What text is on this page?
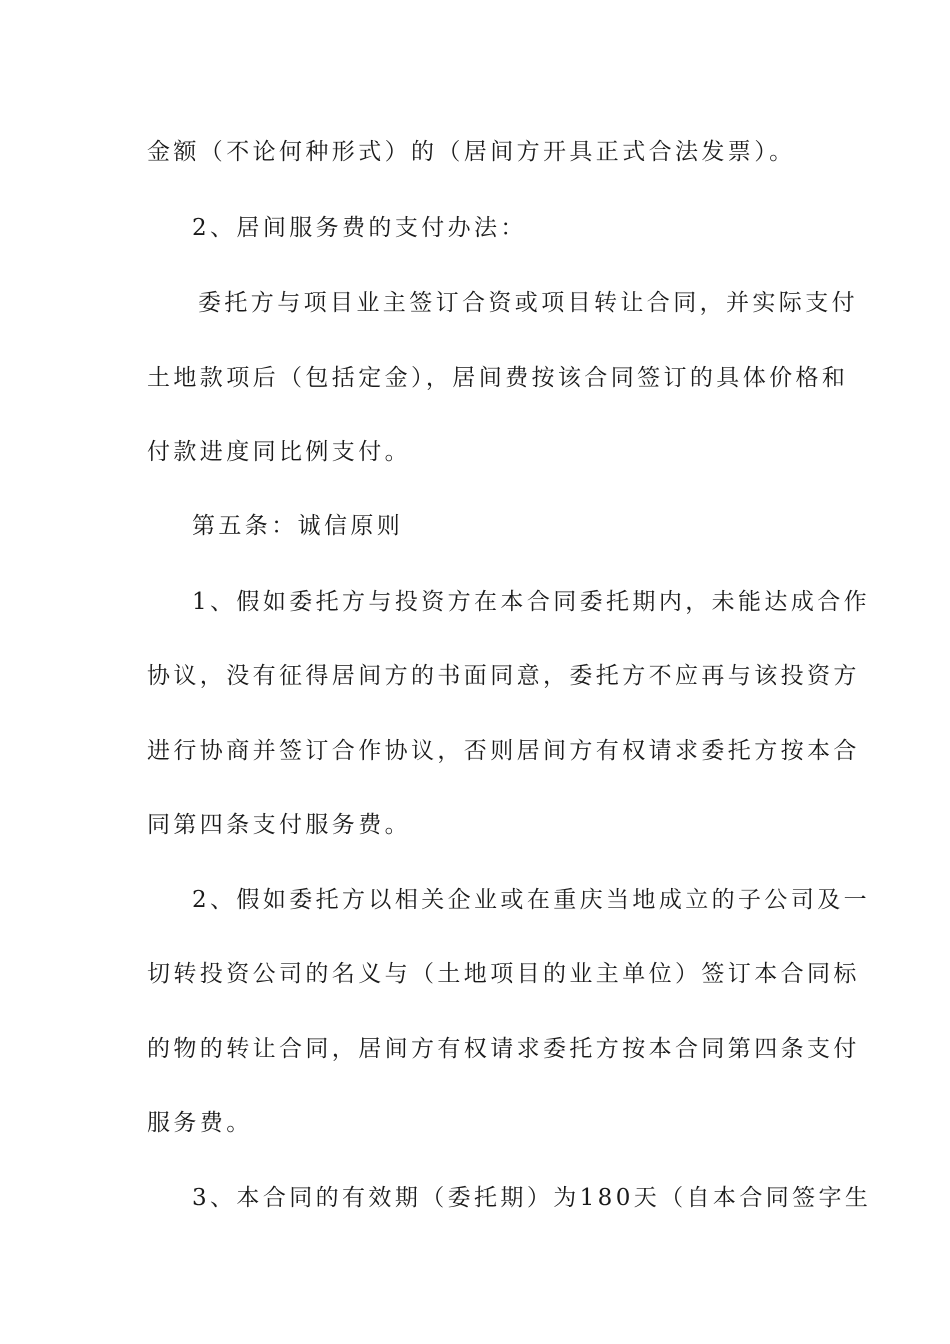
金额（不论何种形式）的（居间方开具正式合法发票）。
2、居间服务费的支付办法：
委托方与项目业主签订合资或项目转让合同，并实际支付
土地款项后（包括定金），居间费按该合同签订的具体价格和
付款进度同比例支付。
第五条：诚信原则
1、假如委托方与投资方在本合同委托期内，未能达成合作
协议，没有征得居间方的书面同意，委托方不应再与该投资方
进行协商并签订合作协议，否则居间方有权请求委托方按本合
同第四条支付服务费。
2、假如委托方以相关企业或在重庆当地成立的子公司及一
切转投资公司的名义与（土地项目的业主单位）签订本合同标
的物的转让合同，居间方有权请求委托方按本合同第四条支付
服务费。
3、本合同的有效期（委托期）为180天（自本合同签字生
